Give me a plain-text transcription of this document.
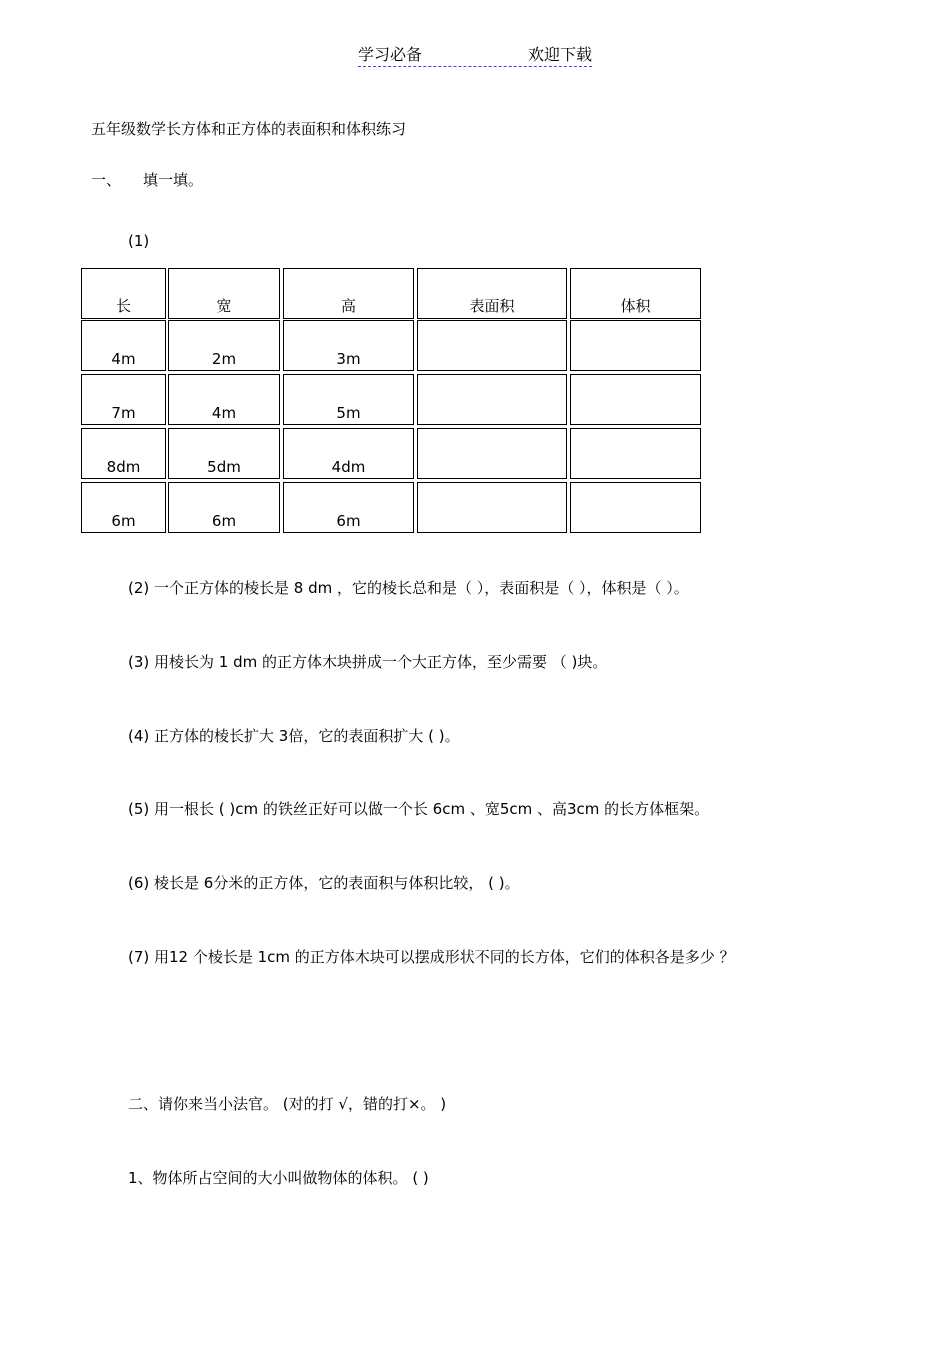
学习必备	欢迎下载
五年级数学长方体和正方体的表面积和体积练习
一、 填一填。
(1)
长	宽	高	表面积	体积
4m	2m	3m
7m	4m	5m
8dm	5dm	4dm
6m	6m	6m
(2) 一个正方体的棱长是 8 dm ，它的棱长总和是（ ），表面积是（ ），体积是（ ）。
(3) 用棱长为 1 dm 的正方体木块拼成一个大正方体，至少需要 （ )块。
(4) 正方体的棱长扩大 3倍，它的表面积扩大 ( )。
(5) 用一根长 ( )cm 的铁丝正好可以做一个长 6cm 、宽5cm 、高3cm 的长方体框架。
(6) 棱长是 6分米的正方体，它的表面积与体积比较， ( )。
(7) 用12 个棱长是 1cm 的正方体木块可以摆成形状不同的长方体，它们的体积各是多少 ？
二、请你来当小法官。 (对的打 √，错的打×。 )
1、物体所占空间的大小叫做物体的体积。 ( )
